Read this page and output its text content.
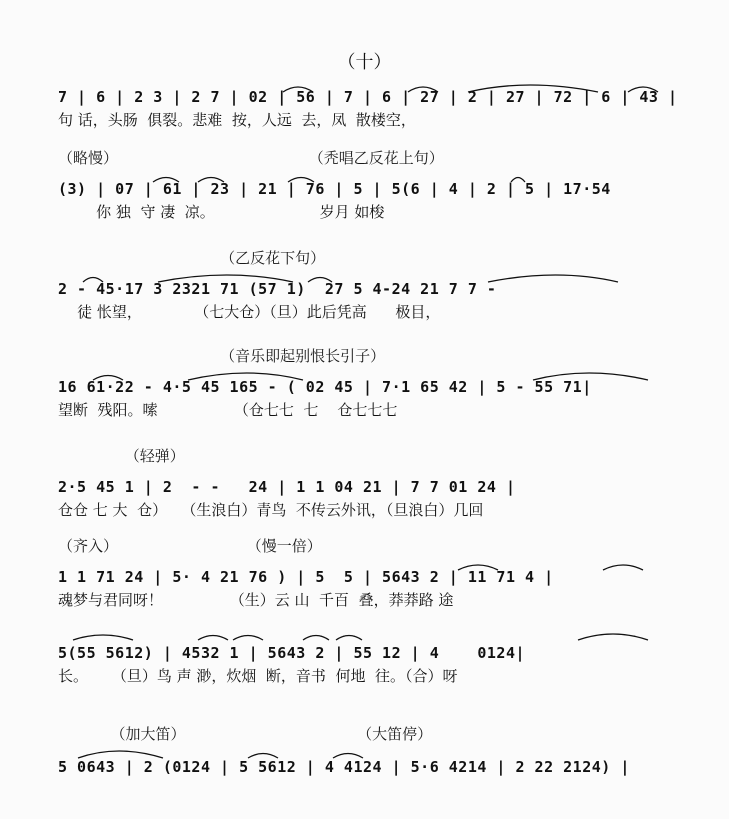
（十）
7 | 6 | 2 3 | 2 7 | 02 | 56 | 7 | 6 | 27 | 2 | 27 | 72 | 6 | 43 |
句 话，头肠  俱裂。悲难  按，人远  去，凤  散楼空，
（略慢）                                        （秃唱乙反花上句）
(3) | 07 | 61 | 23 | 21 | 76 | 5 | 5(6 | 4 | 2 | 5 | 17·54
你 独  守 凄  凉。                      岁月 如梭
（乙反花下句）
2 - 45·17 3 2321 71 (57 1)  27 5 4-24 21 7 7 -
徒 怅望，           （七大仓）（旦）此后凭高      极目，
（音乐即起别恨长引子）
16 61·22 - 4·5 45 165 - ( 02 45 | 7·1 65 42 | 5 - 55 71|
望断  残阳。嗦                （仓七七  七    仓七七七
（轻弹）
2·5 45 1 | 2  - -   24 | 1 1 04 21 | 7 7 01 24 |
仓仓 七 大  仓）   （生浪白）青鸟  不传云外讯，（旦浪白）几回
（齐入）                           （慢一倍）
1 1 71 24 | 5· 4 21 76 ) | 5  5 | 5643 2 | 11 71 4 |
魂梦与君同呀！              （生）云 山  千百  叠，莽莽路 途
5(55 5612) | 4532 1 | 5643 2 | 55 12 | 4    0124|
长。     （旦）鸟 声 渺，炊烟  断，音书  何地  往。（合）呀
（加大笛）                                    （大笛停）
5 0643 | 2 (0124 | 5 5612 | 4 4124 | 5·6 4214 | 2 22 2124) |
